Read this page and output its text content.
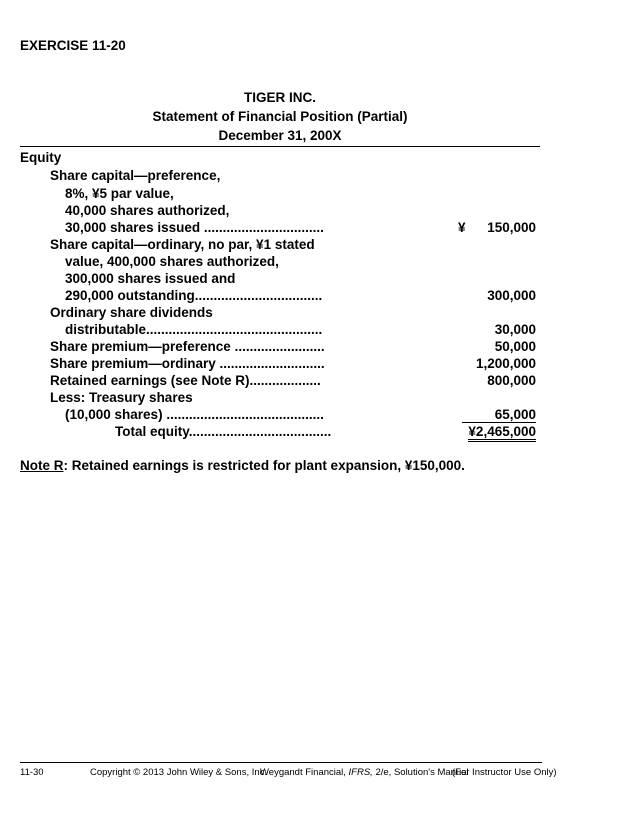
EXERCISE 11-20
TIGER INC.
Statement of Financial Position (Partial)
December 31, 200X
Equity
Share capital—preference,
8%, ¥5 par value,
40,000 shares authorized,
30,000 shares issued ................................	¥ 150,000
Share capital—ordinary, no par, ¥1 stated
value, 400,000 shares authorized,
300,000 shares issued and
290,000 outstanding..................................	300,000
Ordinary share dividends
distributable...............................................	30,000
Share premium—preference ........................	50,000
Share premium—ordinary ............................	1,200,000
Retained earnings (see Note R)...................	800,000
Less: Treasury shares
(10,000 shares) ..........................................	65,000
Total equity......................................	¥2,465,000
Note R: Retained earnings is restricted for plant expansion, ¥150,000.
11-30	Copyright © 2013 John Wiley & Sons, Inc.
Weygandt Financial, IFRS, 2/e, Solution's Manual
(For Instructor Use Only)
